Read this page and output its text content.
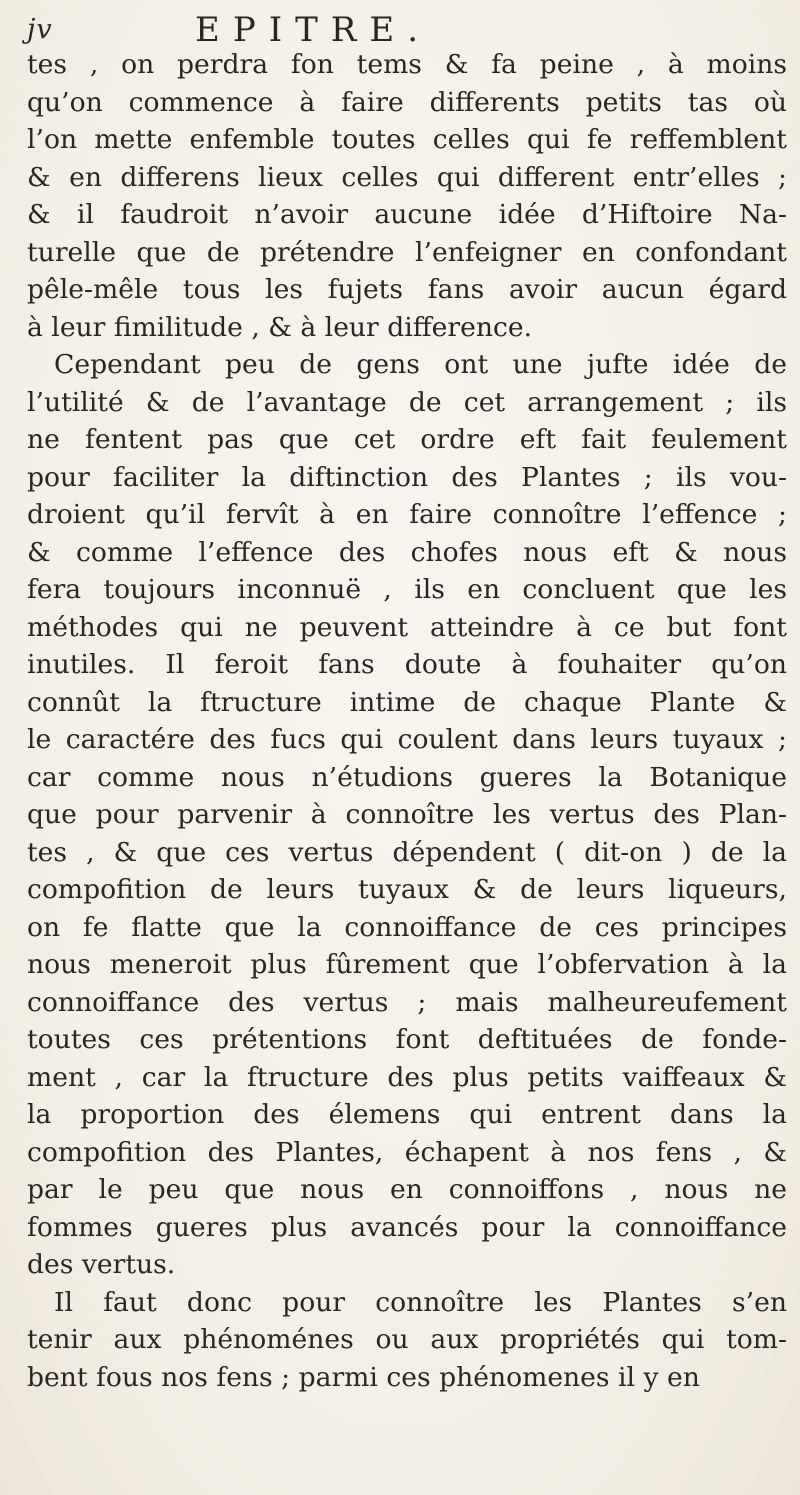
jv	EPITRE.
tes , on perdra fon tems & fa peine , à moins
qu’on commence à faire differents petits tas où
l’on mette enfemble toutes celles qui fe reffemblent
& en differens lieux celles qui different entr’elles ;
& il faudroit n’avoir aucune idée d’Hiftoire Na-
turelle que de prétendre l’enfeigner en confondant
pêle-mêle tous les fujets fans avoir aucun égard
à leur fimilitude , & à leur difference.
Cependant peu de gens ont une jufte idée de
l’utilité & de l’avantage de cet arrangement ; ils
ne fentent pas que cet ordre eft fait feulement
pour faciliter la diftinction des Plantes ; ils vou-
droient qu’il fervît à en faire connoître l’effence ;
& comme l’effence des chofes nous eft & nous
fera toujours inconnuë , ils en concluent que les
méthodes qui ne peuvent atteindre à ce but font
inutiles. Il feroit fans doute à fouhaiter qu’on
connût la ftructure intime de chaque Plante &
le caractére des fucs qui coulent dans leurs tuyaux ;
car comme nous n’étudions gueres la Botanique
que pour parvenir à connoître les vertus des Plan-
tes , & que ces vertus dépendent ( dit-on ) de la
compofition de leurs tuyaux & de leurs liqueurs,
on fe flatte que la connoiffance de ces principes
nous meneroit plus fûrement que l’obfervation à la
connoiffance des vertus ; mais malheureufement
toutes ces prétentions font deftituées de fonde-
ment , car la ftructure des plus petits vaiffeaux &
la proportion des élemens qui entrent dans la
compofition des Plantes, échapent à nos fens , &
par le peu que nous en connoiffons , nous ne
fommes gueres plus avancés pour la connoiffance
des vertus.
Il faut donc pour connoître les Plantes s’en
tenir aux phénoménes ou aux propriétés qui tom-
bent fous nos fens ; parmi ces phénomenes il y en
